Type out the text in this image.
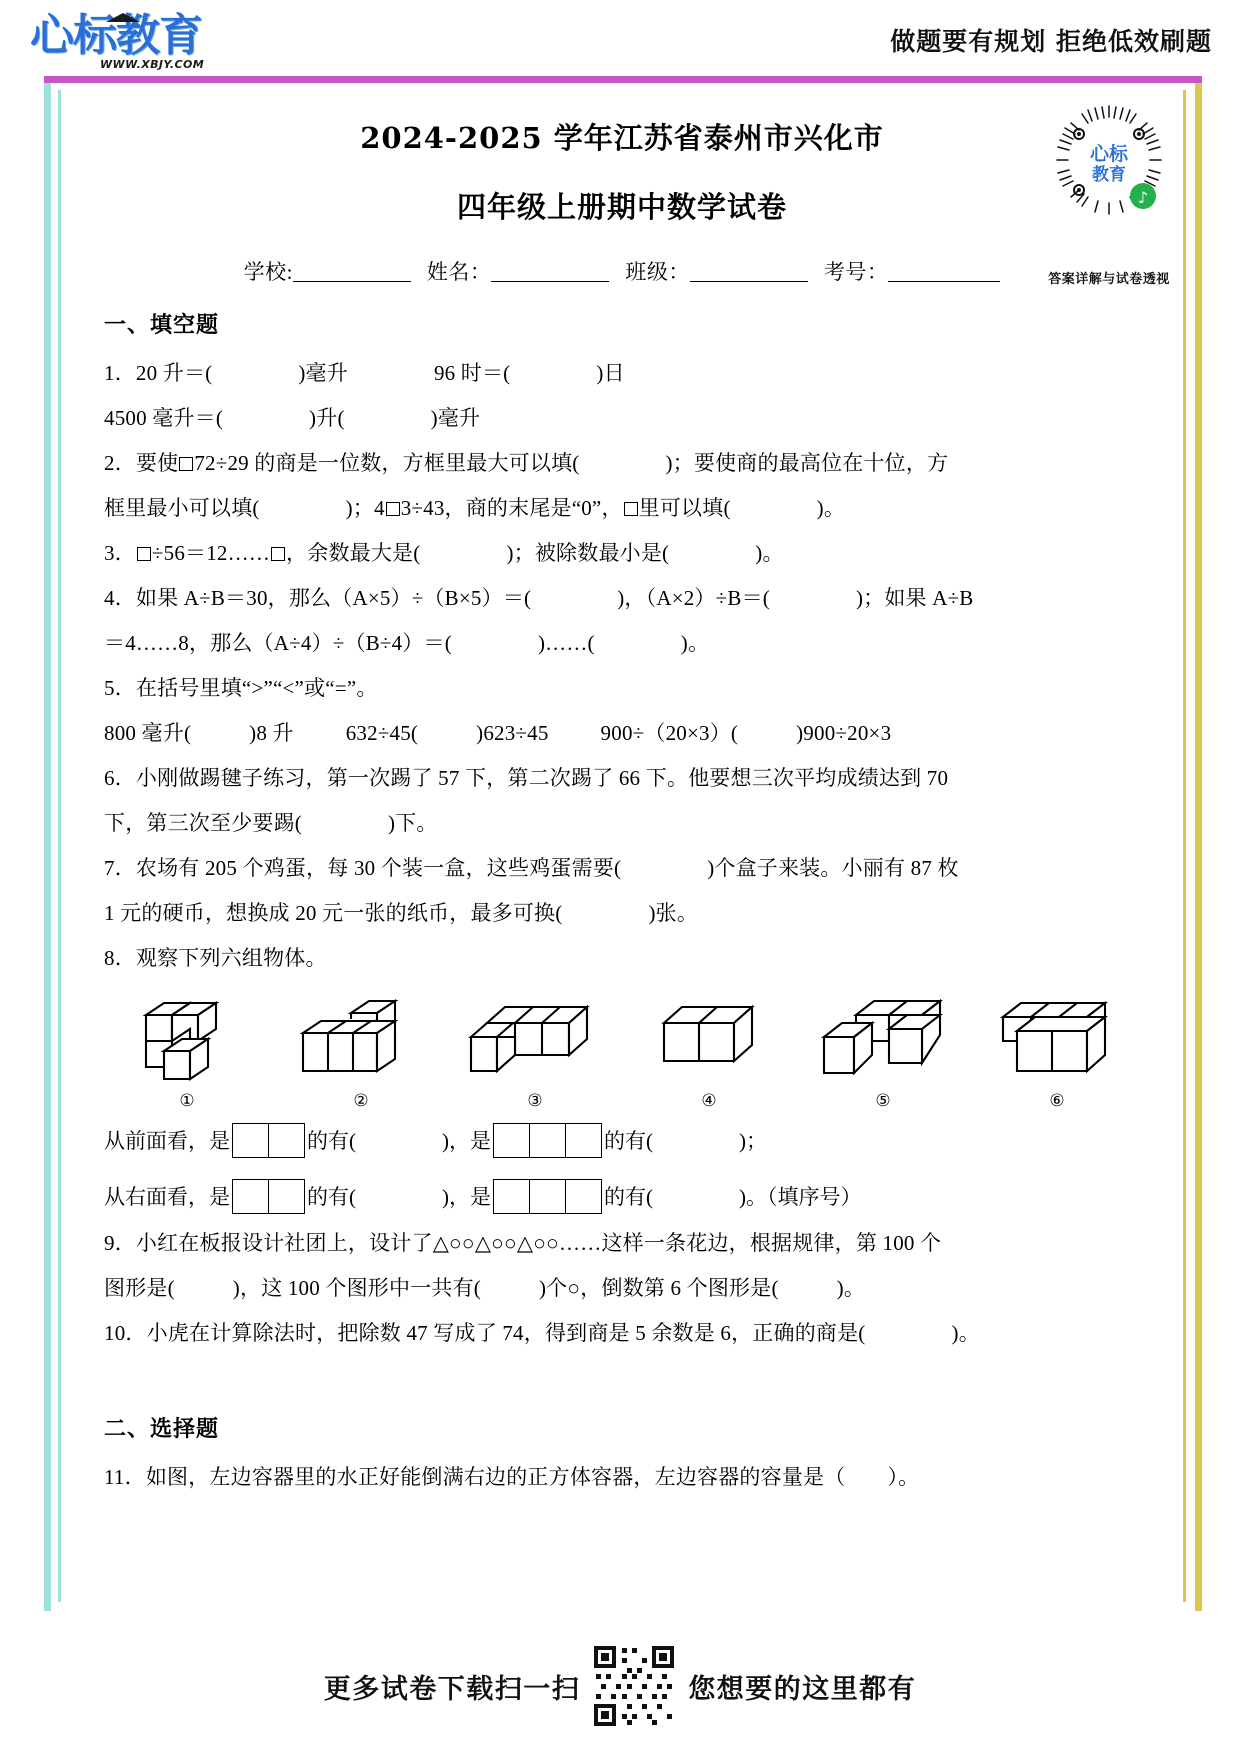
心标教育
WWW.XBJY.COM
做题要有规划 拒绝低效刷题
2024-2025 学年江苏省泰州市兴化市
四年级上册期中数学试卷
学校:	姓名：	班级：	考号：
心标
教育
♪
答案详解与试卷透视
一、填空题

1．20 升＝(	)毫升	96 时＝(	)日

4500 毫升＝(	)升(	)毫升

2．要使 72÷29 的商是一位数，方框里最大可以填(	)；要使商的最高位在十位，方

框里最小可以填(	)；4 3÷43，商的末尾是“0”， 里可以填(	)。

3． ÷56＝12…… ，余数最大是(	)；被除数最小是(	)。

4．如果 A÷B＝30，那么（A×5）÷（B×5）＝(	)，（A×2）÷B＝(	)；如果 A÷B

＝4……8，那么（A÷4）÷（B÷4）＝(	)……(	)。

5．在括号里填“>”“<”或“=”。

800 毫升(	)8 升 632÷45(	)623÷45 900÷（20×3）(	)900÷20×3

6．小刚做踢毽子练习，第一次踢了 57 下，第二次踢了 66 下。他要想三次平均成绩达到 70

下，第三次至少要踢(	)下。

7．农场有 205 个鸡蛋，每 30 个装一盒，这些鸡蛋需要(	)个盒子来装。小丽有 87 枚

1 元的硬币，想换成 20 元一张的纸币，最多可换(	)张。

8．观察下列六组物体。

①	②	③	④	⑤	⑥
从前面看，是
		的有(	)，是
			的有(	)；
从右面看，是
		的有(	)，是
			的有(	)。（填序号）

9．小红在板报设计社团上，设计了△○○△○○△○○……这样一条花边，根据规律，第 100 个

图形是(	)，这 100 个图形中一共有(	)个○，倒数第 6 个图形是(	)。

10．小虎在计算除法时，把除数 47 写成了 74，得到商是 5 余数是 6，正确的商是(	)。

二、选择题

11．如图，左边容器里的水正好能倒满右边的正方体容器，左边容器的容量是（ ）。

更多试卷下载扫一扫	您想要的这里都有
